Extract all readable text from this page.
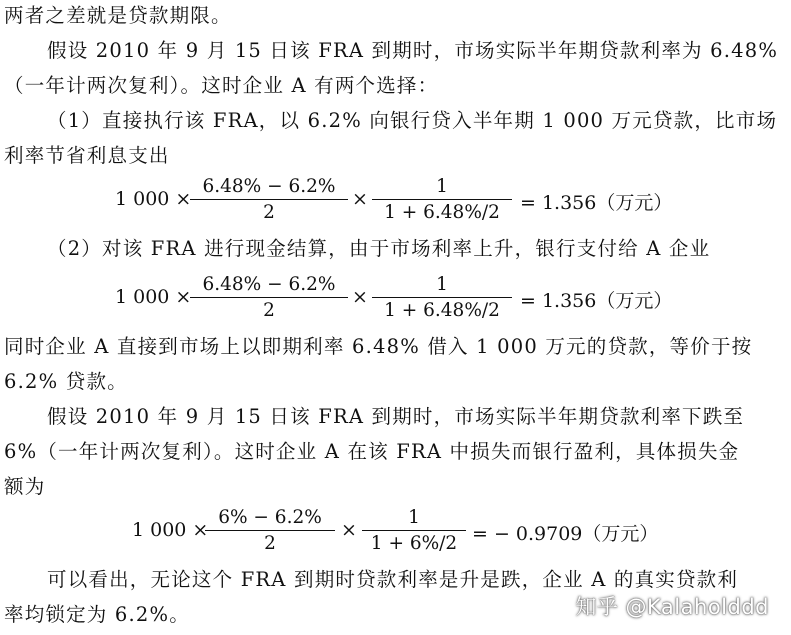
两者之差就是贷款期限。
假设 2010 年 9 月 15 日该 FRA 到期时，市场实际半年期贷款利率为 6.48%
（一年计两次复利）。这时企业 A 有两个选择：
（1）直接执行该 FRA，以 6.2% 向银行贷入半年期 1 000 万元贷款，比市场
利率节省利息支出
1 000 ×
6.48% − 6.2%
2
×
1
1 + 6.48%/2	= 1.356（万元）
（2）对该 FRA 进行现金结算，由于市场利率上升，银行支付给 A 企业
1 000 ×
6.48% − 6.2%
2
×
1
1 + 6.48%/2	= 1.356（万元）
同时企业 A 直接到市场上以即期利率 6.48% 借入 1 000 万元的贷款，等价于按
6.2% 贷款。
假设 2010 年 9 月 15 日该 FRA 到期时，市场实际半年期贷款利率下跌至
6%（一年计两次复利）。这时企业 A 在该 FRA 中损失而银行盈利，具体损失金
额为
1 000 ×
6% − 6.2%
2
×
1
1 + 6%/2 = − 0.9709（万元）
可以看出，无论这个 FRA 到期时贷款利率是升是跌，企业 A 的真实贷款利
率均锁定为 6.2%。	知乎 @Kalaholddd
